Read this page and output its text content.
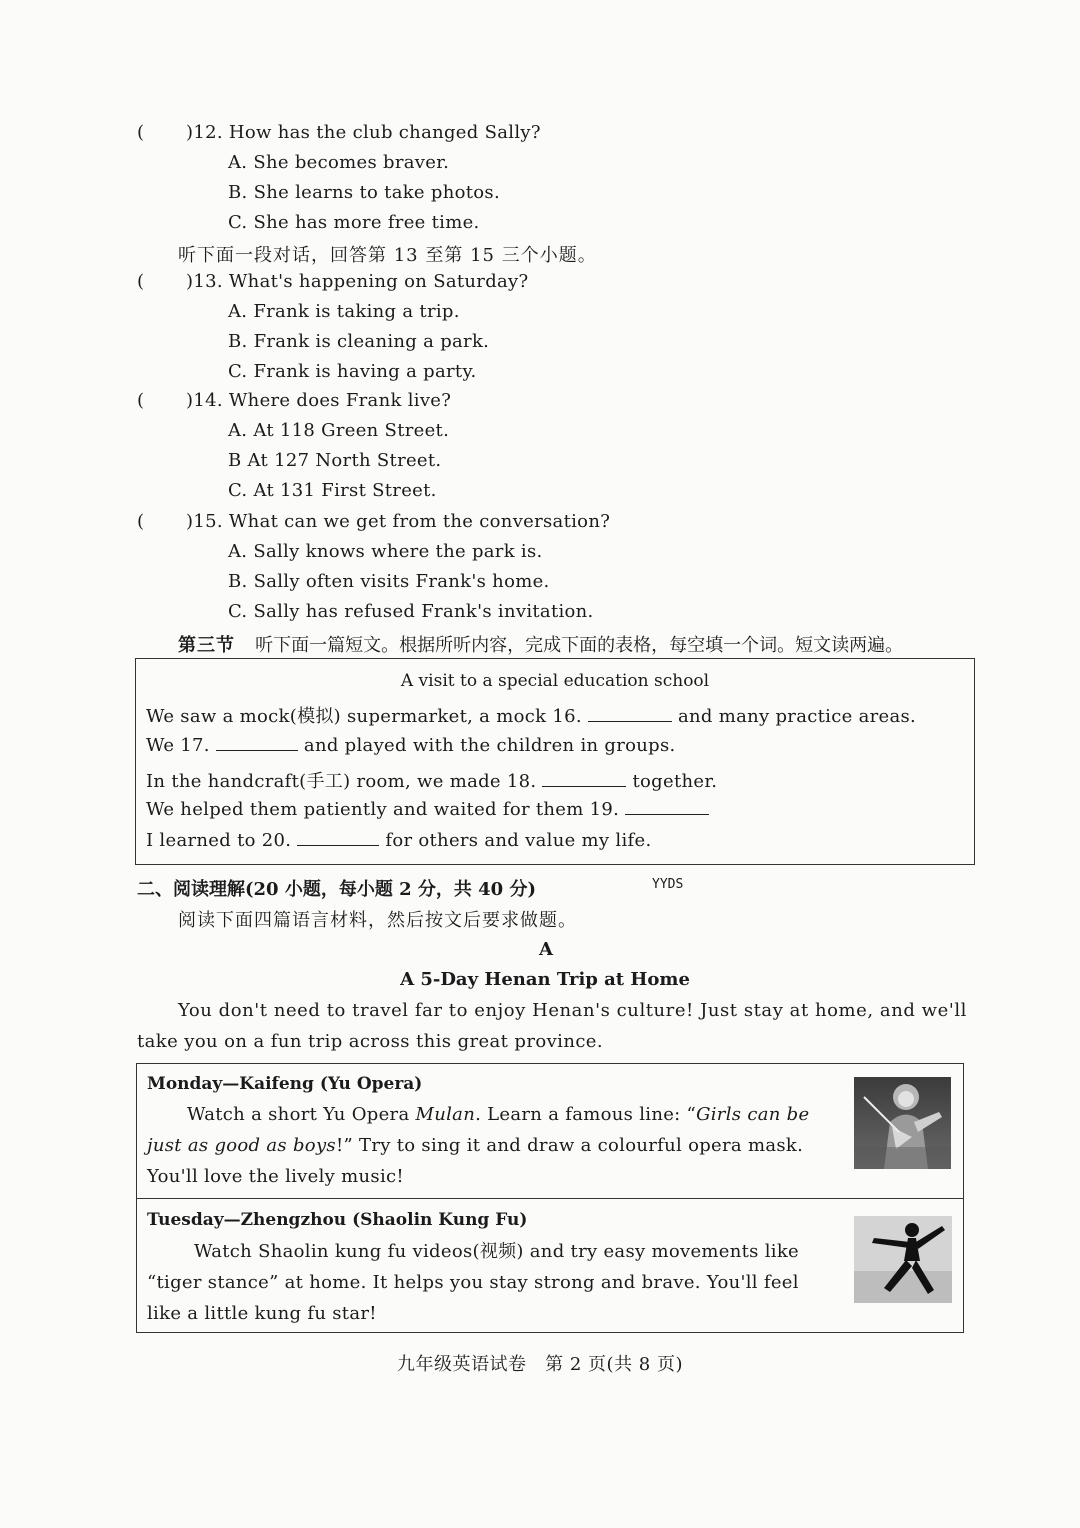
( )12. How has the club changed Sally?
A. She becomes braver.
B. She learns to take photos.
C. She has more free time.
听下面一段对话，回答第 13 至第 15 三个小题。
( )13. What's happening on Saturday?
A. Frank is taking a trip.
B. Frank is cleaning a park.
C. Frank is having a party.
( )14. Where does Frank live?
A. At 118 Green Street.
B At 127 North Street.
C. At 131 First Street.
( )15. What can we get from the conversation?
A. Sally knows where the park is.
B. Sally often visits Frank's home.
C. Sally has refused Frank's invitation.
第三节 听下面一篇短文。根据所听内容，完成下面的表格，每空填一个词。短文读两遍。
A visit to a special education school
We saw a mock(模拟) supermarket, a mock 16.	and many practice areas.
We 17.	and played with the children in groups.
In the handcraft(手工) room, we made 18.	together.
We helped them patiently and waited for them 19.
I learned to 20.	for others and value my life.
二、阅读理解(20 小题，每小题 2 分，共 40 分)	YYDS
阅读下面四篇语言材料，然后按文后要求做题。
A
A 5-Day Henan Trip at Home
You don't need to travel far to enjoy Henan's culture! Just stay at home, and we'll
take you on a fun trip across this great province.
Monday—Kaifeng (Yu Opera)
Watch a short Yu Opera Mulan. Learn a famous line: “Girls can be just as good as boys!” Try to sing it and draw a colourful opera mask. You'll love the lively music!
Tuesday—Zhengzhou (Shaolin Kung Fu)
Watch Shaolin kung fu videos(视频) and try easy movements like “tiger stance” at home. It helps you stay strong and brave. You'll feel like a little kung fu star!
九年级英语试卷   第 2 页(共 8 页)
